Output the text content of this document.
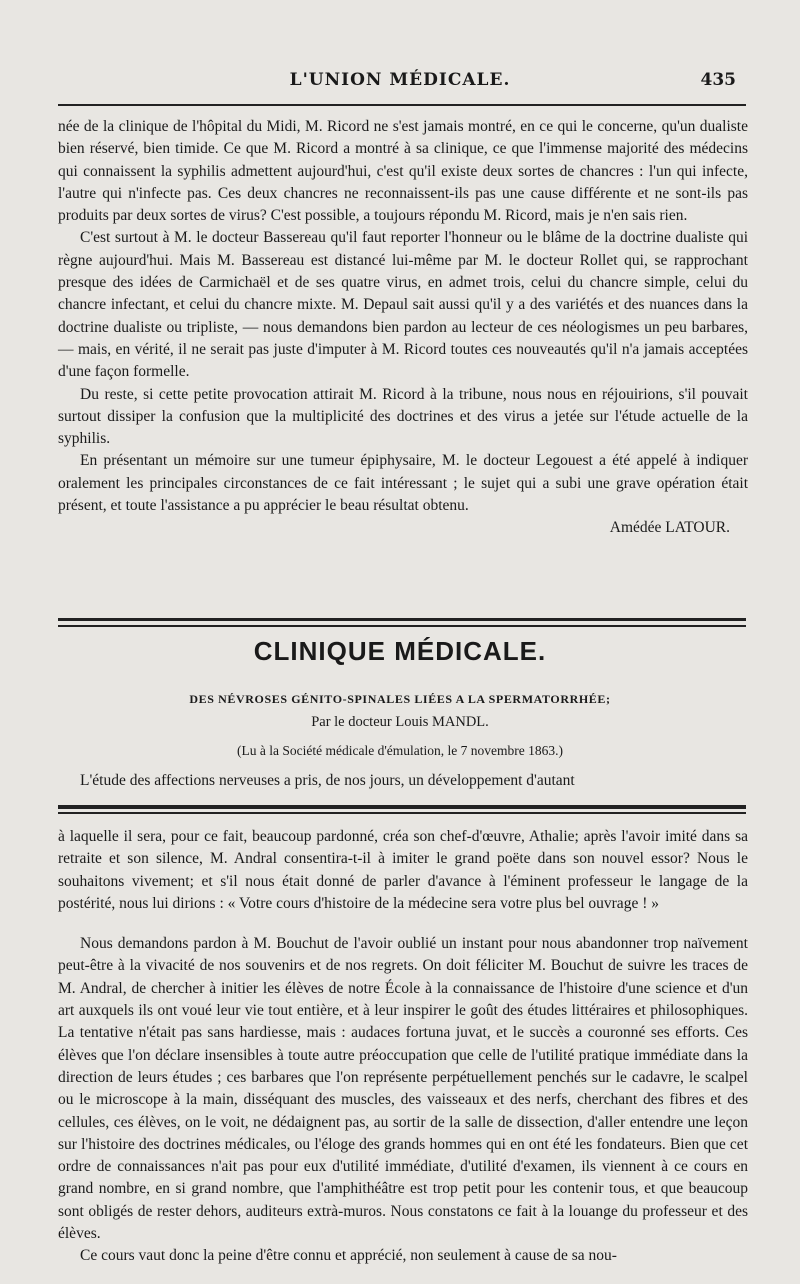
L'UNION MÉDICALE.	435

née de la clinique de l'hôpital du Midi, M. Ricord ne s'est jamais montré, en ce qui le concerne, qu'un dualiste bien réservé, bien timide. Ce que M. Ricord a montré à sa clinique, ce que l'immense majorité des médecins qui connaissent la syphilis admettent aujourd'hui, c'est qu'il existe deux sortes de chancres : l'un qui infecte, l'autre qui n'infecte pas. Ces deux chancres ne reconnaissent-ils pas une cause différente et ne sont-ils pas produits par deux sortes de virus? C'est possible, a toujours répondu M. Ricord, mais je n'en sais rien.

C'est surtout à M. le docteur Bassereau qu'il faut reporter l'honneur ou le blâme de la doctrine dualiste qui règne aujourd'hui. Mais M. Bassereau est distancé lui-même par M. le docteur Rollet qui, se rapprochant presque des idées de Carmichaël et de ses quatre virus, en admet trois, celui du chancre simple, celui du chancre infectant, et celui du chancre mixte. M. Depaul sait aussi qu'il y a des variétés et des nuances dans la doctrine dualiste ou tripliste, — nous demandons bien pardon au lecteur de ces néologismes un peu barbares, — mais, en vérité, il ne serait pas juste d'imputer à M. Ricord toutes ces nouveautés qu'il n'a jamais acceptées d'une façon formelle.

Du reste, si cette petite provocation attirait M. Ricord à la tribune, nous nous en réjouirions, s'il pouvait surtout dissiper la confusion que la multiplicité des doctrines et des virus a jetée sur l'étude actuelle de la syphilis.

En présentant un mémoire sur une tumeur épiphysaire, M. le docteur Legouest a été appelé à indiquer oralement les principales circonstances de ce fait intéressant ; le sujet qui a subi une grave opération était présent, et toute l'assistance a pu apprécier le beau résultat obtenu.

Amédée LATOUR.

CLINIQUE MÉDICALE.
DES NÉVROSES GÉNITO-SPINALES LIÉES A LA SPERMATORRHÉE;
Par le docteur Louis MANDL.
(Lu à la Société médicale d'émulation, le 7 novembre 1863.)
L'étude des affections nerveuses a pris, de nos jours, un développement d'autant

à laquelle il sera, pour ce fait, beaucoup pardonné, créa son chef-d'œuvre, Athalie; après l'avoir imité dans sa retraite et son silence, M. Andral consentira-t-il à imiter le grand poëte dans son nouvel essor? Nous le souhaitons vivement; et s'il nous était donné de parler d'avance à l'éminent professeur le langage de la postérité, nous lui dirions : « Votre cours d'histoire de la médecine sera votre plus bel ouvrage ! »

Nous demandons pardon à M. Bouchut de l'avoir oublié un instant pour nous abandonner trop naïvement peut-être à la vivacité de nos souvenirs et de nos regrets. On doit féliciter M. Bouchut de suivre les traces de M. Andral, de chercher à initier les élèves de notre École à la connaissance de l'histoire d'une science et d'un art auxquels ils ont voué leur vie tout entière, et à leur inspirer le goût des études littéraires et philosophiques. La tentative n'était pas sans hardiesse, mais : audaces fortuna juvat, et le succès a couronné ses efforts. Ces élèves que l'on déclare insensibles à toute autre préoccupation que celle de l'utilité pratique immédiate dans la direction de leurs études ; ces barbares que l'on représente perpétuellement penchés sur le cadavre, le scalpel ou le microscope à la main, disséquant des muscles, des vaisseaux et des nerfs, cherchant des fibres et des cellules, ces élèves, on le voit, ne dédaignent pas, au sortir de la salle de dissection, d'aller entendre une leçon sur l'histoire des doctrines médicales, ou l'éloge des grands hommes qui en ont été les fondateurs. Bien que cet ordre de connaissances n'ait pas pour eux d'utilité immédiate, d'utilité d'examen, ils viennent à ce cours en grand nombre, en si grand nombre, que l'amphithéâtre est trop petit pour les contenir tous, et que beaucoup sont obligés de rester dehors, auditeurs extrà-muros. Nous constatons ce fait à la louange du professeur et des élèves.

Ce cours vaut donc la peine d'être connu et apprécié, non seulement à cause de sa nou-
